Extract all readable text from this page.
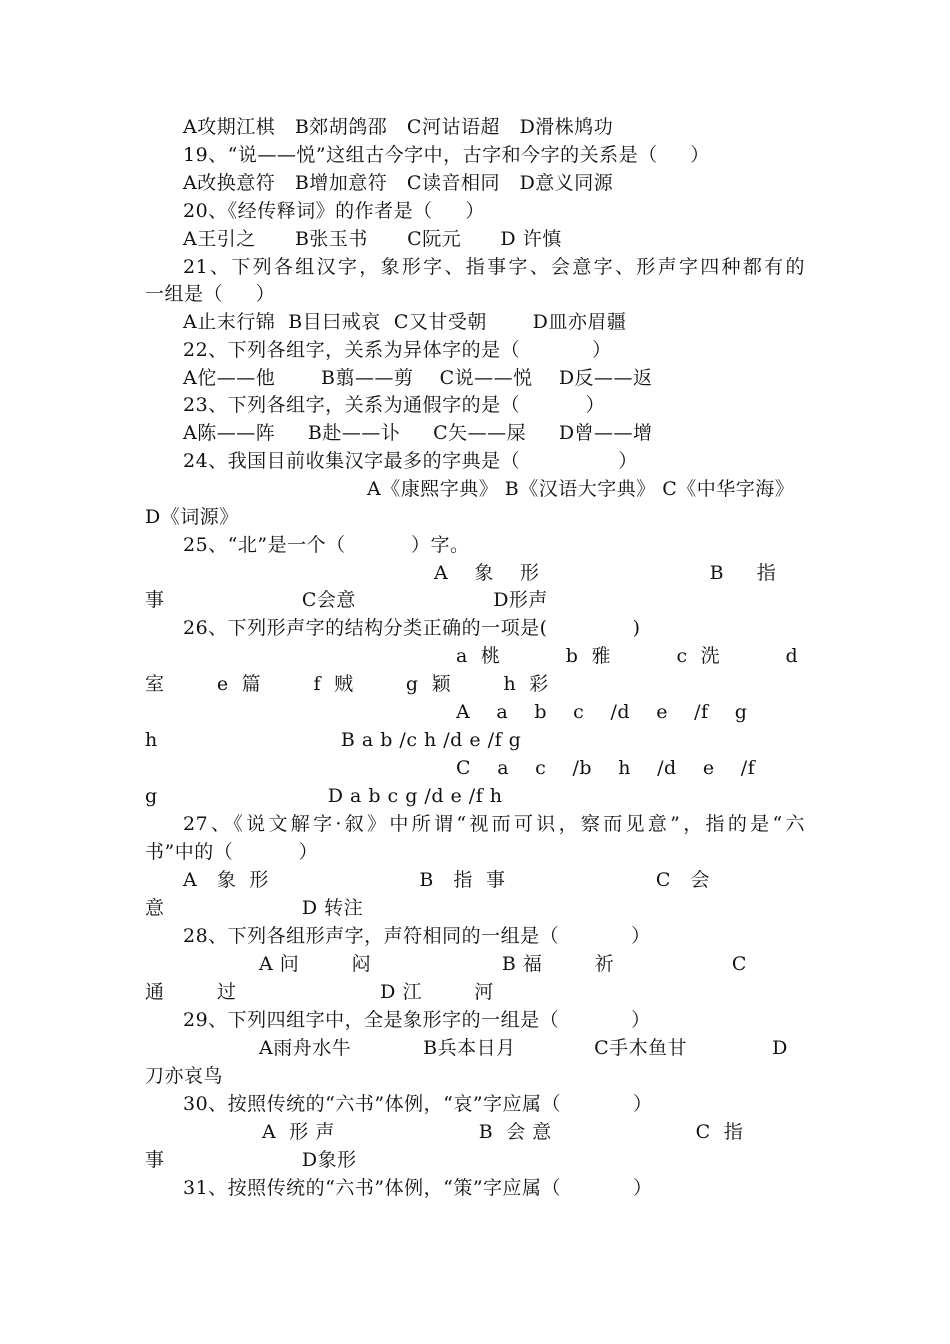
A攻期江棋   B郊胡鸽邵   C河诂语超   D滑株鸠功
19、“说——悦”这组古今字中，古字和今字的关系是（     ）
A改换意符   B增加意符   C读音相同   D意义同源
20、《经传释词》的作者是（     ）
A王引之      B张玉书      C阮元      D 许慎
21、下列各组汉字，象形字、指事字、会意字、形声字四种都有的
一组是（     ）
A止末行锦  B目曰戒哀  C又甘受朝       D皿亦眉疆
22、下列各组字，关系为异体字的是（           ）
A佗——他       B翦——剪    C说——悦    D反——返
23、下列各组字，关系为通假字的是（          ）
A陈——阵     B赴——讣     C矢——屎     D曾——增
24、我国目前收集汉字最多的字典是（               ）
A《康熙字典》 B《汉语大字典》 C《中华字海》
D《词源》
25、“北”是一个（          ）字。
A    象    形                          B     指
事                     C会意                     D形声
26、下列形声字的结构分类正确的一项是(             )
a  桃          b  雅          c  洗          d
室        e  篇        f  贼        g  颖        h  彩
A    a    b    c    /d    e    /f    g
h                            B a b /c h /d e /f g
C    a    c    /b    h    /d    e    /f
g                          D a b c g /d e /f h
27、《说文解字·叙》中所谓“视而可识，察而见意”，指的是“六
书”中的（          ）
A   象  形                       B   指  事                       C   会
意                     D 转注
28、下列各组形声字，声符相同的一组是（           ）
A 问        闷                    B 福        祈                  C
通        过                      D 江        河
29、下列四组字中，全是象形字的一组是（           ）
A雨舟水牛           B兵本日月            C手木鱼甘             D
刀亦哀鸟
30、按照传统的“六书”体例，“哀”字应属（           ）
A  形 声                      B  会 意                      C  指
事                     D象形
31、按照传统的“六书”体例，“策”字应属（           ）
